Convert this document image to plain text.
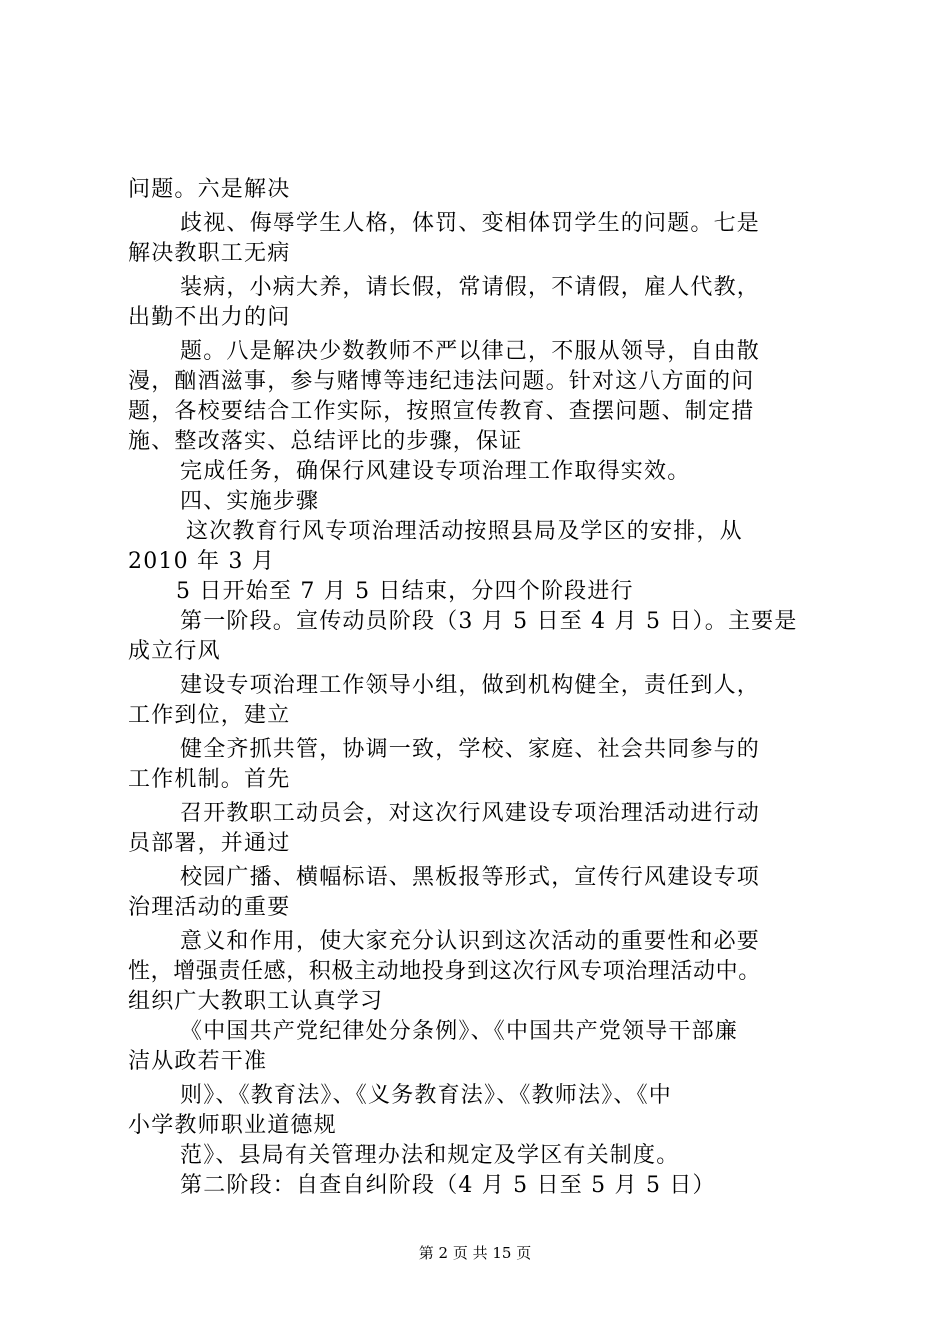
问题。六是解决
歧视、侮辱学生人格，体罚、变相体罚学生的问题。七是
解决教职工无病
装病，小病大养，请长假，常请假，不请假，雇人代教，
出勤不出力的问
题。八是解决少数教师不严以律己，不服从领导，自由散
漫，酗酒滋事，参与赌博等违纪违法问题。针对这八方面的问
题，各校要结合工作实际，按照宣传教育、查摆问题、制定措
施、整改落实、总结评比的步骤，保证
完成任务，确保行风建设专项治理工作取得实效。
四、实施步骤
这次教育行风专项治理活动按照县局及学区的安排，从
2010 年 3 月
5 日开始至 7 月 5 日结束，分四个阶段进行
第一阶段。宣传动员阶段（3 月 5 日至 4 月 5 日）。主要是
成立行风
建设专项治理工作领导小组，做到机构健全，责任到人，
工作到位，建立
健全齐抓共管，协调一致，学校、家庭、社会共同参与的
工作机制。首先
召开教职工动员会，对这次行风建设专项治理活动进行动
员部署，并通过
校园广播、横幅标语、黑板报等形式，宣传行风建设专项
治理活动的重要
意义和作用，使大家充分认识到这次活动的重要性和必要
性，增强责任感，积极主动地投身到这次行风专项治理活动中。
组织广大教职工认真学习
《中国共产党纪律处分条例》、《中国共产党领导干部廉
洁从政若干准
则》、《教育法》、《义务教育法》、《教师法》、《中
小学教师职业道德规
范》、县局有关管理办法和规定及学区有关制度。
第二阶段：自查自纠阶段（4 月 5 日至 5 月 5 日）
第 2 页 共 15 页
